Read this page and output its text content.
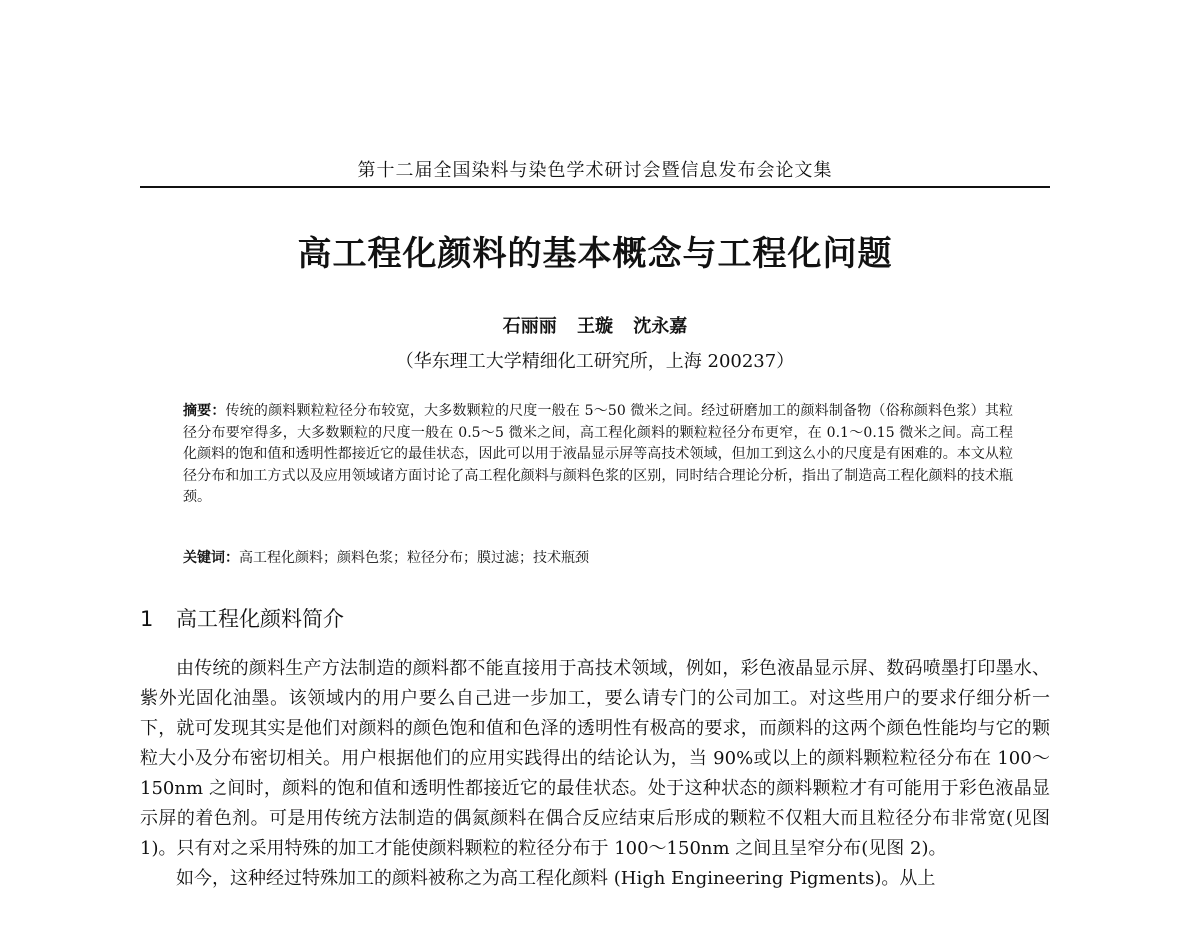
第十二届全国染料与染色学术研讨会暨信息发布会论文集
高工程化颜料的基本概念与工程化问题
石丽丽 王璇 沈永嘉
（华东理工大学精细化工研究所，上海 200237）
摘要：传统的颜料颗粒粒径分布较宽，大多数颗粒的尺度一般在 5～50 微米之间。经过研磨加工的颜料制备物（俗称颜料色浆）其粒径分布要窄得多，大多数颗粒的尺度一般在 0.5～5 微米之间，高工程化颜料的颗粒粒径分布更窄，在 0.1～0.15 微米之间。高工程化颜料的饱和值和透明性都接近它的最佳状态，因此可以用于液晶显示屏等高技术领域，但加工到这么小的尺度是有困难的。本文从粒径分布和加工方式以及应用领域诸方面讨论了高工程化颜料与颜料色浆的区别，同时结合理论分析，指出了制造高工程化颜料的技术瓶颈。
关键词：高工程化颜料；颜料色浆；粒径分布；膜过滤；技术瓶颈
1 高工程化颜料简介

由传统的颜料生产方法制造的颜料都不能直接用于高技术领域，例如，彩色液晶显示屏、数码喷墨打印墨水、紫外光固化油墨。该领域内的用户要么自己进一步加工，要么请专门的公司加工。对这些用户的要求仔细分析一下，就可发现其实是他们对颜料的颜色饱和值和色泽的透明性有极高的要求，而颜料的这两个颜色性能均与它的颗粒大小及分布密切相关。用户根据他们的应用实践得出的结论认为，当 90%或以上的颜料颗粒粒径分布在 100～150nm 之间时，颜料的饱和值和透明性都接近它的最佳状态。处于这种状态的颜料颗粒才有可能用于彩色液晶显示屏的着色剂。可是用传统方法制造的偶氮颜料在偶合反应结束后形成的颗粒不仅粗大而且粒径分布非常宽(见图 1)。只有对之采用特殊的加工才能使颜料颗粒的粒径分布于 100～150nm 之间且呈窄分布(见图 2)。

如今，这种经过特殊加工的颜料被称之为高工程化颜料 (High Engineering Pigments)。从上
